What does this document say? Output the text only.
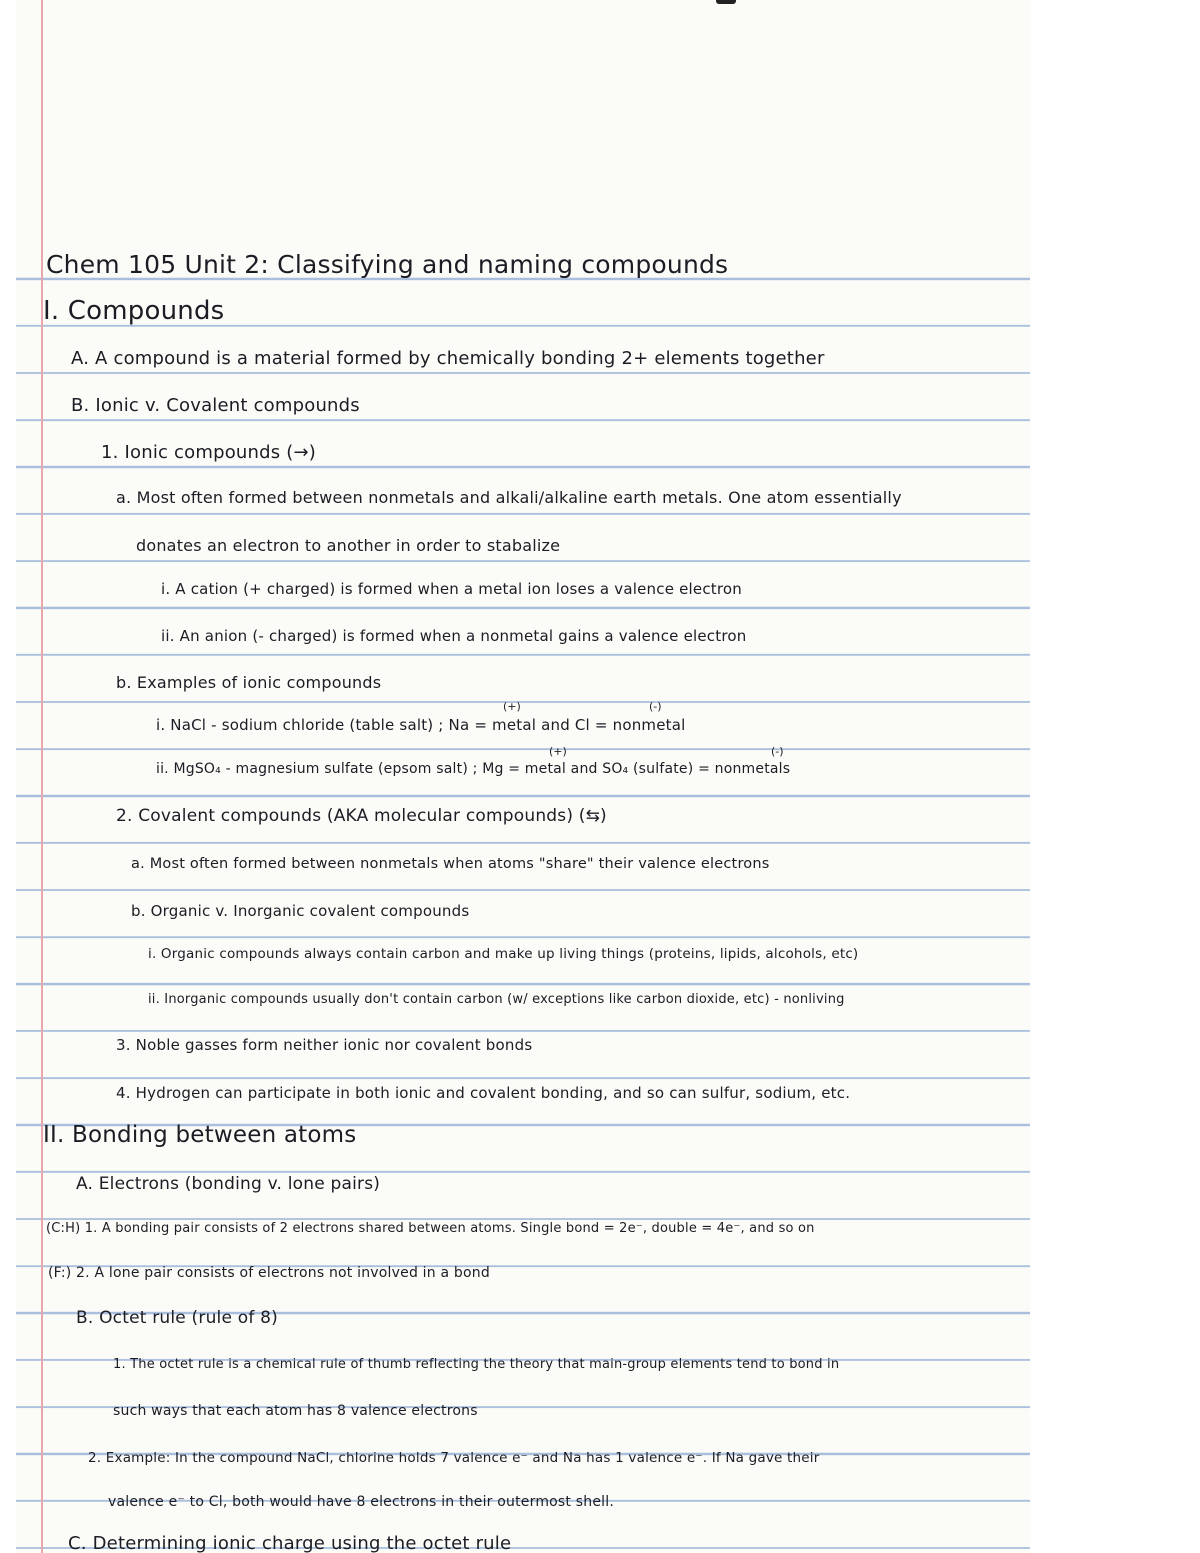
Chem 105 Unit 2: Classifying and naming compounds
I. Compounds
A. A compound is a material formed by chemically bonding 2+ elements together
B. Ionic v. Covalent compounds
1. Ionic compounds (→)
a. Most often formed between nonmetals and alkali/alkaline earth metals. One atom essentially
donates an electron to another in order to stabalize
i. A cation (+ charged) is formed when a metal ion loses a valence electron
ii. An anion (- charged) is formed when a nonmetal gains a valence electron
b. Examples of ionic compounds
(+)	(-)
i. NaCl - sodium chloride (table salt) ; Na = metal and Cl = nonmetal
(+)	(-)
ii. MgSO₄ - magnesium sulfate (epsom salt) ; Mg = metal and SO₄ (sulfate) = nonmetals
2. Covalent compounds (AKA molecular compounds) (⇆)
a. Most often formed between nonmetals when atoms "share" their valence electrons
b. Organic v. Inorganic covalent compounds
i. Organic compounds always contain carbon and make up living things (proteins, lipids, alcohols, etc)
ii. Inorganic compounds usually don't contain carbon (w/ exceptions like carbon dioxide, etc) - nonliving
3. Noble gasses form neither ionic nor covalent bonds
4. Hydrogen can participate in both ionic and covalent bonding, and so can sulfur, sodium, etc.
II. Bonding between atoms
A. Electrons (bonding v. lone pairs)
(C:H) 1. A bonding pair consists of 2 electrons shared between atoms. Single bond = 2e⁻, double = 4e⁻, and so on
(F:) 2. A lone pair consists of electrons not involved in a bond
B. Octet rule (rule of 8)
1. The octet rule is a chemical rule of thumb reflecting the theory that main-group elements tend to bond in
such ways that each atom has 8 valence electrons
2. Example: In the compound NaCl, chlorine holds 7 valence e⁻ and Na has 1 valence e⁻. If Na gave their
valence e⁻ to Cl, both would have 8 electrons in their outermost shell.
C. Determining ionic charge using the octet rule
